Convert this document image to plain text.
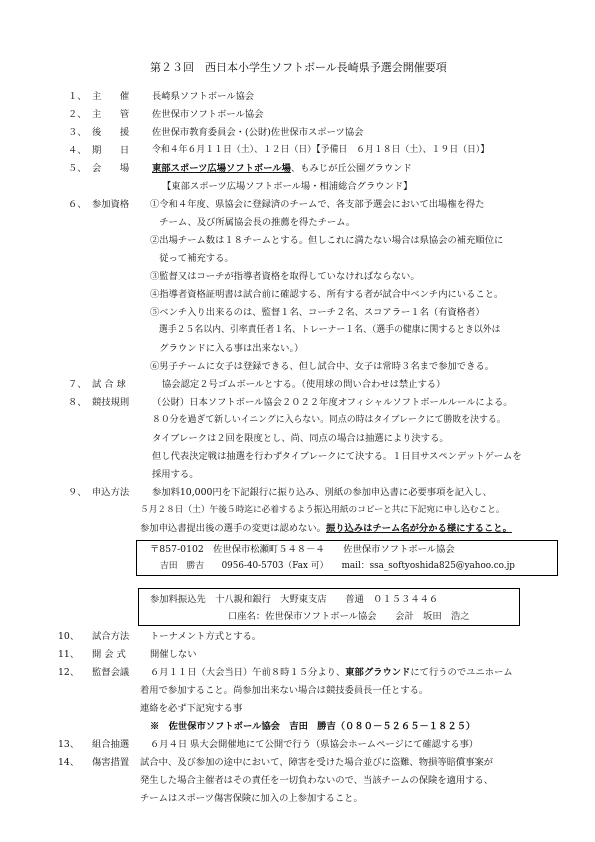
第２３回　西日本小学生ソフトボール長崎県予選会開催要項
１、 主　　催 長崎県ソフトボール協会
２、 主　　管 佐世保市ソフトボール協会
３、 後　　援 佐世保市教育委員会・(公財)佐世保市スポーツ協会
４、 期　　日	令和４年６月１１日（土）、１２日（日）【予備日　６月１８日（土）、１９日（日）】
５、 会　　場 東部スポーツ広場ソフトボール場、もみじが丘公園グラウンド
【東部スポーツ広場ソフトボール場・相浦総合グラウンド】
６、 参加資格 ①令和４年度、県協会に登録済のチームで、各支部予選会において出場権を得た
　チーム、及び所属協会長の推薦を得たチーム。
②出場チーム数は１８チームとする。但しこれに満たない場合は県協会の補充順位に
　従って補充する。
③監督又はコーチが指導者資格を取得していなければならない。
④指導者資格証明書は試合前に確認する、所有する者が試合中ベンチ内にいること。
⑤ベンチ入り出来るのは、監督１名、コーチ２名、スコアラー１名（有資格者）
　選手２５名以内、引率責任者１名、トレーナー１名、（選手の健康に関するとき以外は
　グラウンドに入る事は出来ない。）
⑥男子チームに女子は登録できる、但し試合中、女子は常時３名まで参加できる。
７、 試 合 球	協会認定２号ゴムボールとする。（使用球の問い合わせは禁止する）
８、 競技規則 （公財）日本ソフトボール協会２０２２年度オフィシャルソフトボールルールによる。
８０分を過ぎて新しいイニングに入らない。同点の時はタイブレークにて勝敗を決する。
タイブレークは２回を限度とし、尚、同点の場合は抽選により決する。
但し代表決定戦は抽選を行わずタイブレークにて決する。１日目サスペンデットゲームを
採用する。
９、 申込方法 参加料10,000円を下記銀行に振り込み、別紙の参加申込書に必要事項を記入し、
５月２８日（土）午後５時迄に必着するよう振込用紙のコピーと共に下記宛に申し込むこと。
参加申込書提出後の選手の変更は認めない。振り込みはチーム名が分かる様にすること。
〒857-0102　佐世保市松瀬町５４８－４　　佐世保市ソフトボール協会
吉田　勝吉　　0956-40-5703（Fax 可）　　mail：ssa_softyoshida825@yahoo.co.jp
参加料振込先　十八親和銀行　大野東支店　　普通　０１５３４４６
口座名：佐世保市ソフトボール協会　　会計　坂田　浩之
10、 試合方法 トーナメント方式とする。
11、 開 会 式	開催しない
12、 監督会議 ６月１１日（大会当日）午前８時１５分より、東部グラウンドにて行うのでユニホーム
着用で参加すること。尚参加出来ない場合は競技委員長一任とする。
連絡を必ず下記宛する事
※　佐世保市ソフトボール協会　吉田　勝吉（０８０－５２６５－１８２５）
13、 組合抽選 ６月４日 県大会開催地にて公開で行う（県協会ホームページにて確認する事）
14、 傷害措置 試合中、及び参加の途中において、障害を受けた場合並びに盗難、物損等賠償事案が
発生した場合主催者はその責任を一切負わないので、当該チームの保険を適用する、
チームはスポーツ傷害保険に加入の上参加すること。
